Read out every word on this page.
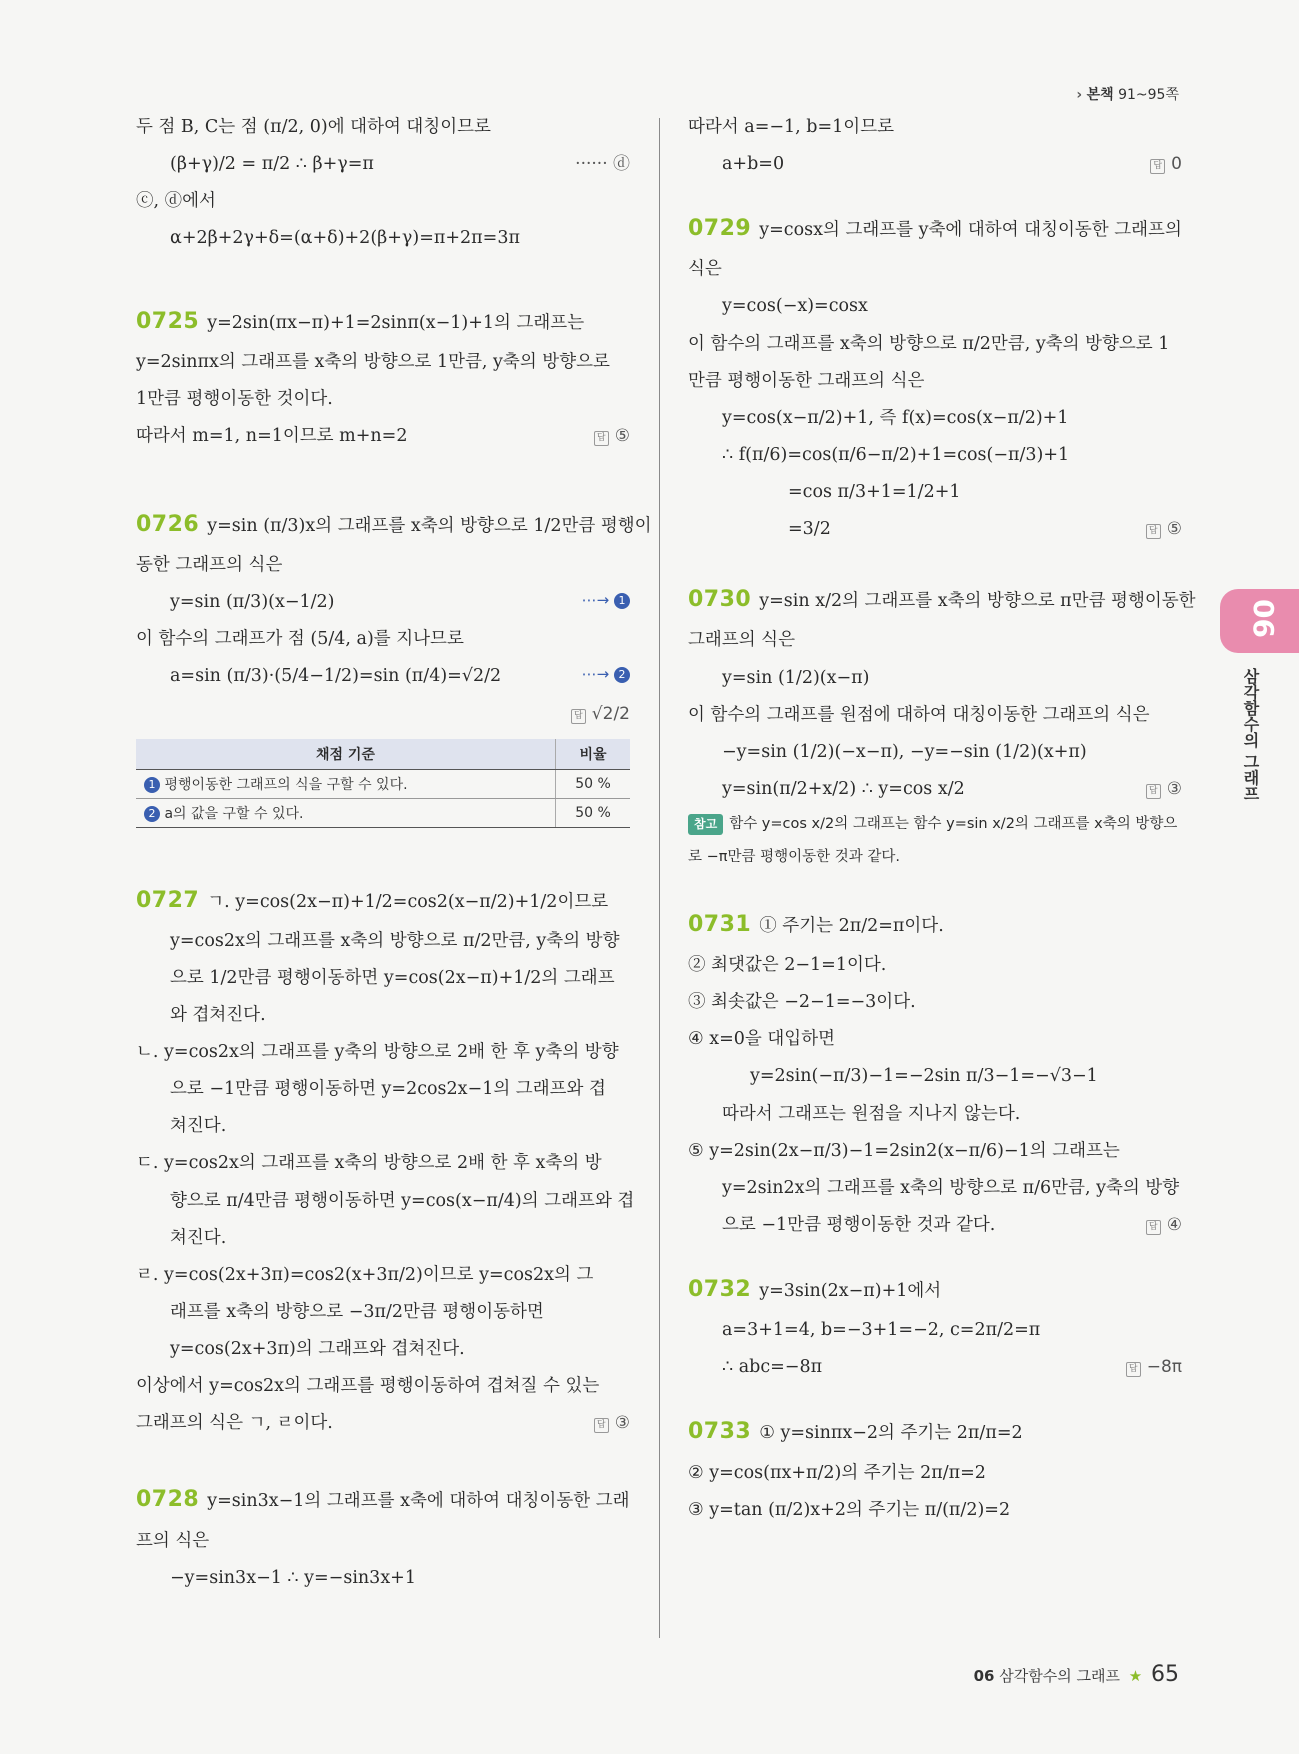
› 본책 91~95쪽
두 점 B, C는 점 (π/2, 0)에 대하여 대칭이므로
(β+γ)/2 = π/2 ∴ β+γ=π	······ ⓓ
ⓒ, ⓓ에서
α+2β+2γ+δ=(α+δ)+2(β+γ)=π+2π=3π
0725 y=2sin(πx−π)+1=2sinπ(x−1)+1의 그래프는
y=2sinπx의 그래프를 x축의 방향으로 1만큼, y축의 방향으로
1만큼 평행이동한 것이다.
따라서 m=1, n=1이므로 m+n=2	답 ⑤
0726 y=sin (π/3)x의 그래프를 x축의 방향으로 1/2만큼 평행이
동한 그래프의 식은
y=sin (π/3)(x−1/2)	⋯→ 1
이 함수의 그래프가 점 (5/4, a)를 지나므로
a=sin (π/3)·(5/4−1/2)=sin (π/4)=√2/2	⋯→ 2
답 √2/2
채점 기준	비율
1 평행이동한 그래프의 식을 구할 수 있다.	50 %
2 a의 값을 구할 수 있다.	50 %
0727 ㄱ. y=cos(2x−π)+1/2=cos2(x−π/2)+1/2이므로
y=cos2x의 그래프를 x축의 방향으로 π/2만큼, y축의 방향
으로 1/2만큼 평행이동하면 y=cos(2x−π)+1/2의 그래프
와 겹쳐진다.
ㄴ. y=cos2x의 그래프를 y축의 방향으로 2배 한 후 y축의 방향
으로 −1만큼 평행이동하면 y=2cos2x−1의 그래프와 겹
쳐진다.
ㄷ. y=cos2x의 그래프를 x축의 방향으로 2배 한 후 x축의 방
향으로 π/4만큼 평행이동하면 y=cos(x−π/4)의 그래프와 겹
쳐진다.
ㄹ. y=cos(2x+3π)=cos2(x+3π/2)이므로 y=cos2x의 그
래프를 x축의 방향으로 −3π/2만큼 평행이동하면
y=cos(2x+3π)의 그래프와 겹쳐진다.
이상에서 y=cos2x의 그래프를 평행이동하여 겹쳐질 수 있는
그래프의 식은 ㄱ, ㄹ이다.	답 ③
0728 y=sin3x−1의 그래프를 x축에 대하여 대칭이동한 그래
프의 식은
−y=sin3x−1 ∴ y=−sin3x+1
따라서 a=−1, b=1이므로
a+b=0	답 0
0729 y=cosx의 그래프를 y축에 대하여 대칭이동한 그래프의
식은
y=cos(−x)=cosx
이 함수의 그래프를 x축의 방향으로 π/2만큼, y축의 방향으로 1
만큼 평행이동한 그래프의 식은
y=cos(x−π/2)+1, 즉 f(x)=cos(x−π/2)+1
∴ f(π/6)=cos(π/6−π/2)+1=cos(−π/3)+1
=cos π/3+1=1/2+1
=3/2	답 ⑤
0730 y=sin x/2의 그래프를 x축의 방향으로 π만큼 평행이동한
그래프의 식은
y=sin (1/2)(x−π)
이 함수의 그래프를 원점에 대하여 대칭이동한 그래프의 식은
−y=sin (1/2)(−x−π), −y=−sin (1/2)(x+π)
y=sin(π/2+x/2) ∴ y=cos x/2	답 ③
참고 함수 y=cos x/2의 그래프는 함수 y=sin x/2의 그래프를 x축의 방향으
로 −π만큼 평행이동한 것과 같다.
0731 ① 주기는 2π/2=π이다.
② 최댓값은 2−1=1이다.
③ 최솟값은 −2−1=−3이다.
④ x=0을 대입하면
y=2sin(−π/3)−1=−2sin π/3−1=−√3−1
따라서 그래프는 원점을 지나지 않는다.
⑤ y=2sin(2x−π/3)−1=2sin2(x−π/6)−1의 그래프는
y=2sin2x의 그래프를 x축의 방향으로 π/6만큼, y축의 방향
으로 −1만큼 평행이동한 것과 같다.	답 ④
0732 y=3sin(2x−π)+1에서
a=3+1=4, b=−3+1=−2, c=2π/2=π
∴ abc=−8π	답 −8π
0733 ① y=sinπx−2의 주기는 2π/π=2
② y=cos(πx+π/2)의 주기는 2π/π=2
③ y=tan (π/2)x+2의 주기는 π/(π/2)=2
06
삼각함수의 그래프
06 삼각함수의 그래프 ★ 65
